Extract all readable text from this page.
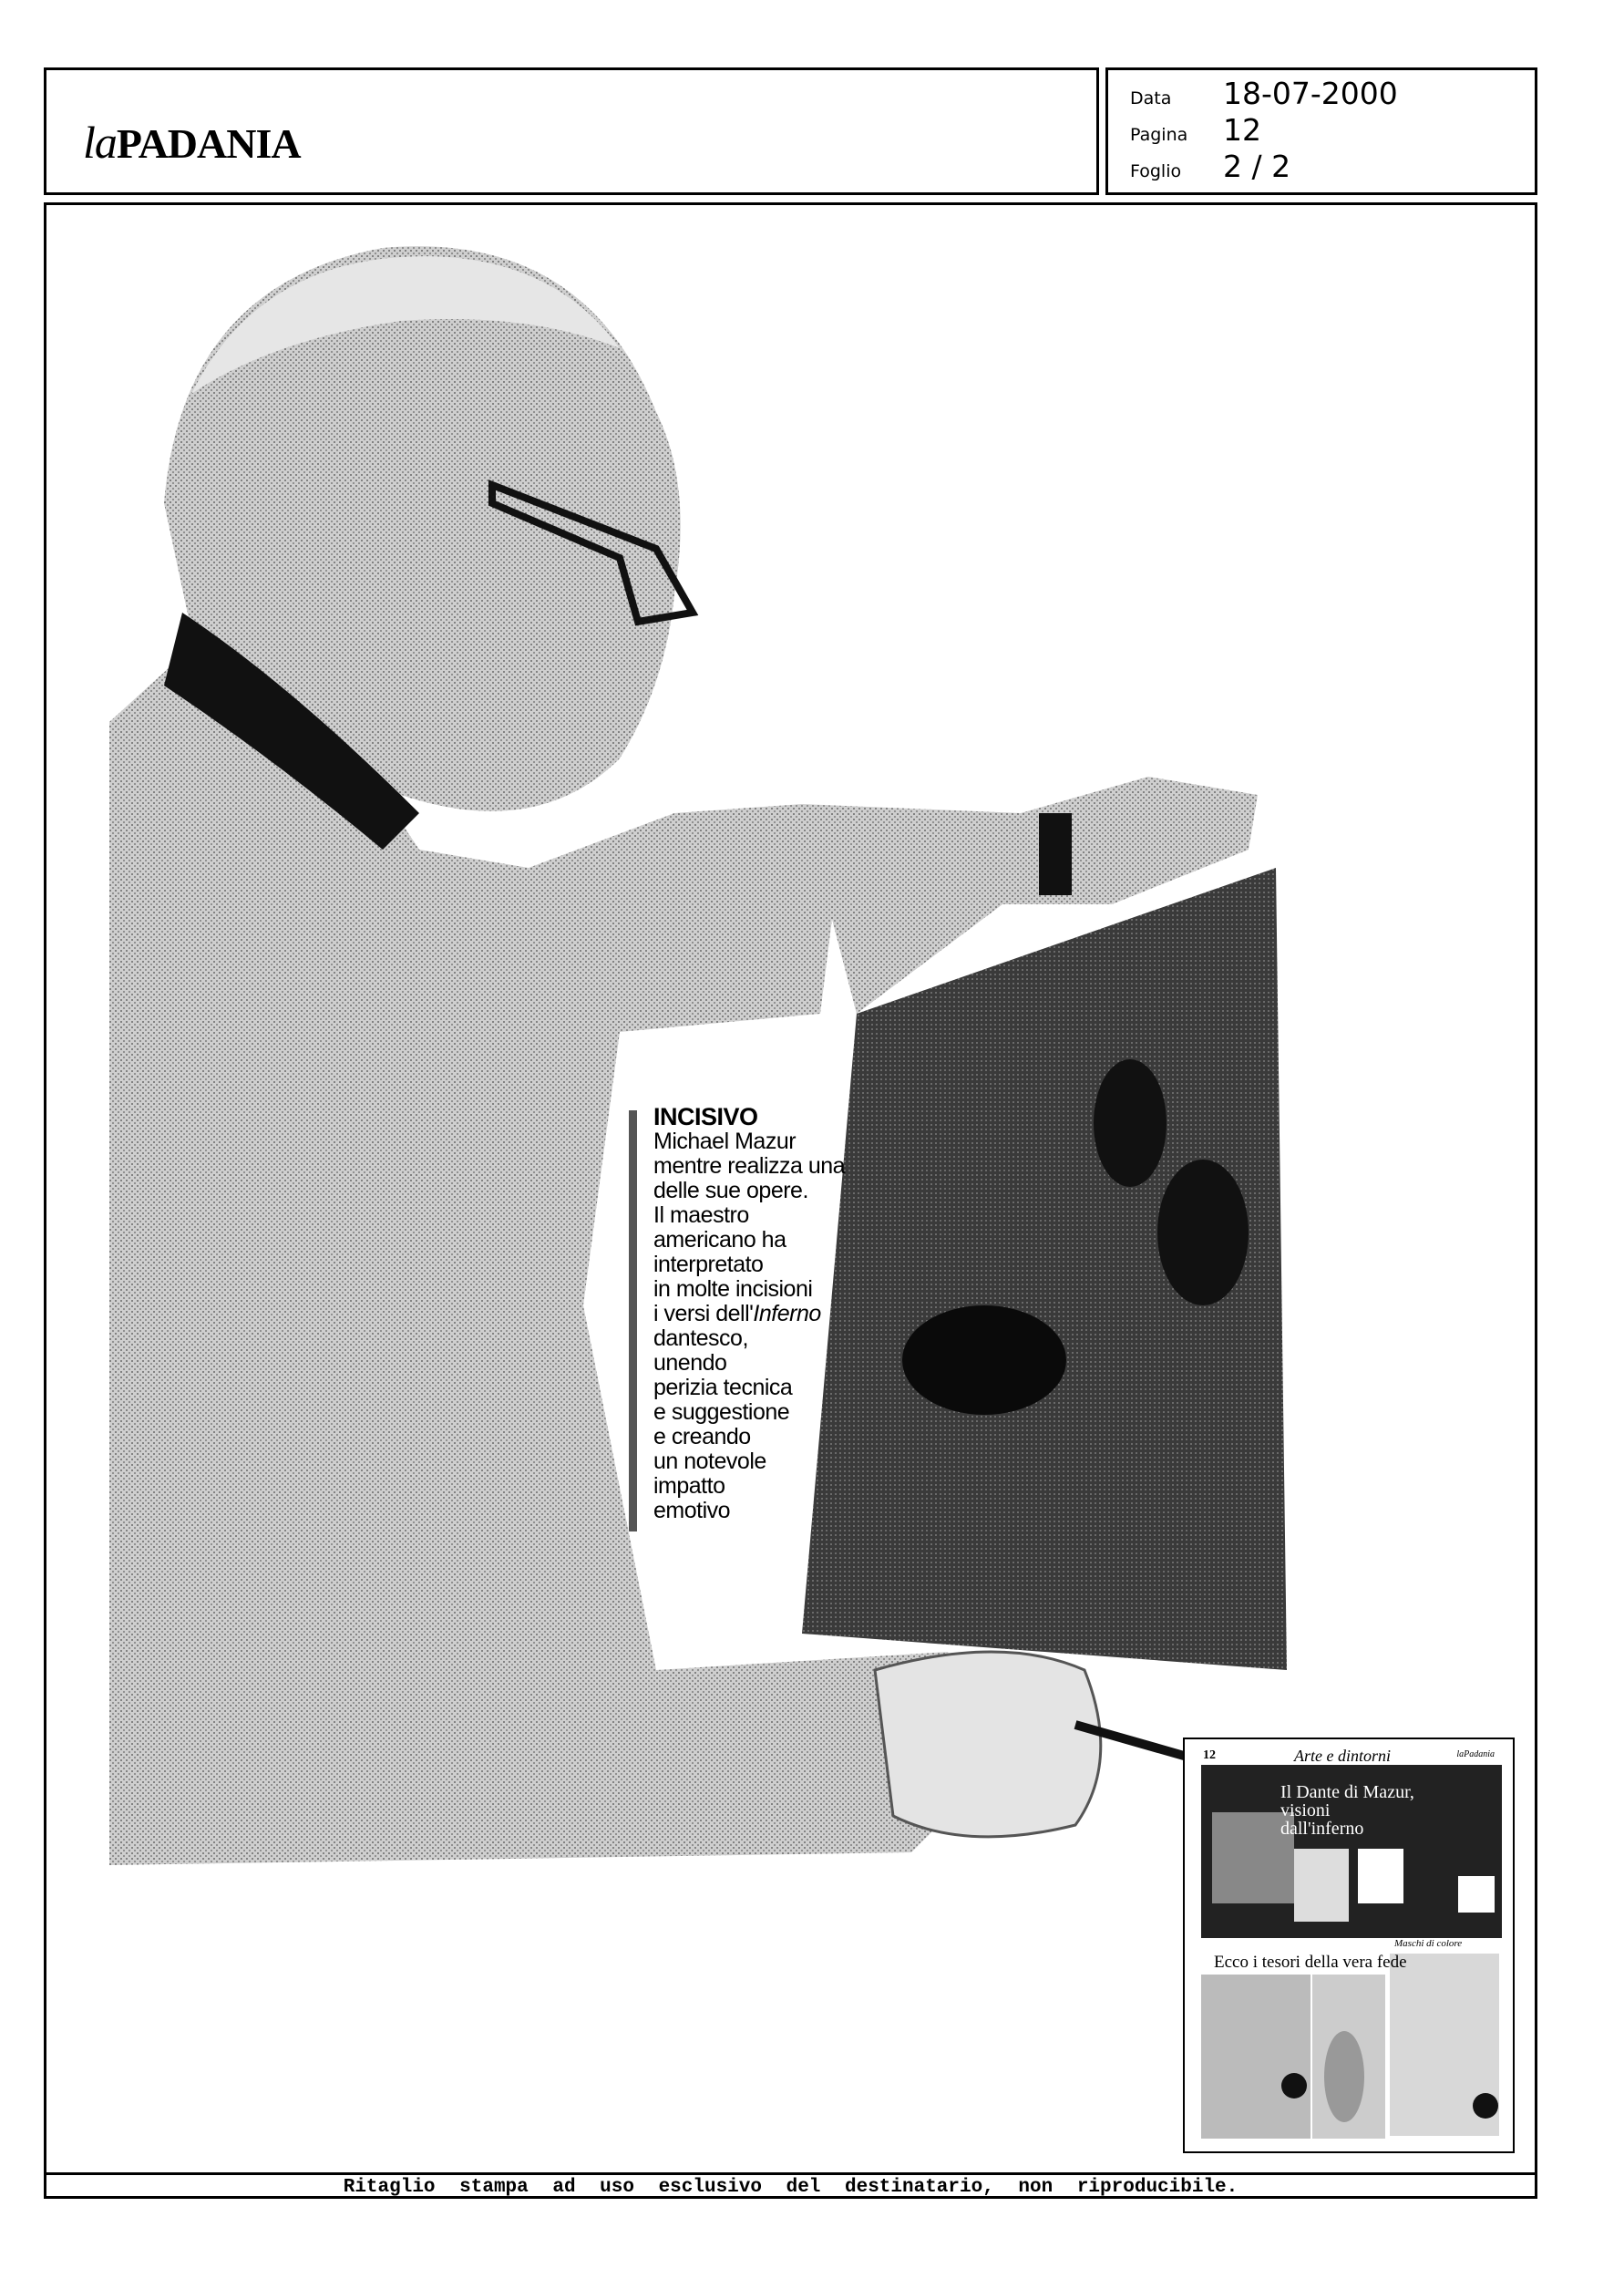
laPADANIA
Data	18-07-2000
Pagina	12
Foglio	2 / 2
INCISIVO
Michael Mazur
mentre realizza una
delle sue opere.
Il maestro
americano ha
interpretato
in molte incisioni
i versi dell'Inferno
dantesco,
unendo
perizia tecnica
e suggestione
e creando
un notevole
impatto
emotivo
12	Arte e dintorni	laPadania
Il Dante di Mazur, visioni dall'inferno
Ecco i tesori della vera fede
Maschi di colore
Ritaglio stampa ad uso esclusivo del destinatario, non riproducibile.
